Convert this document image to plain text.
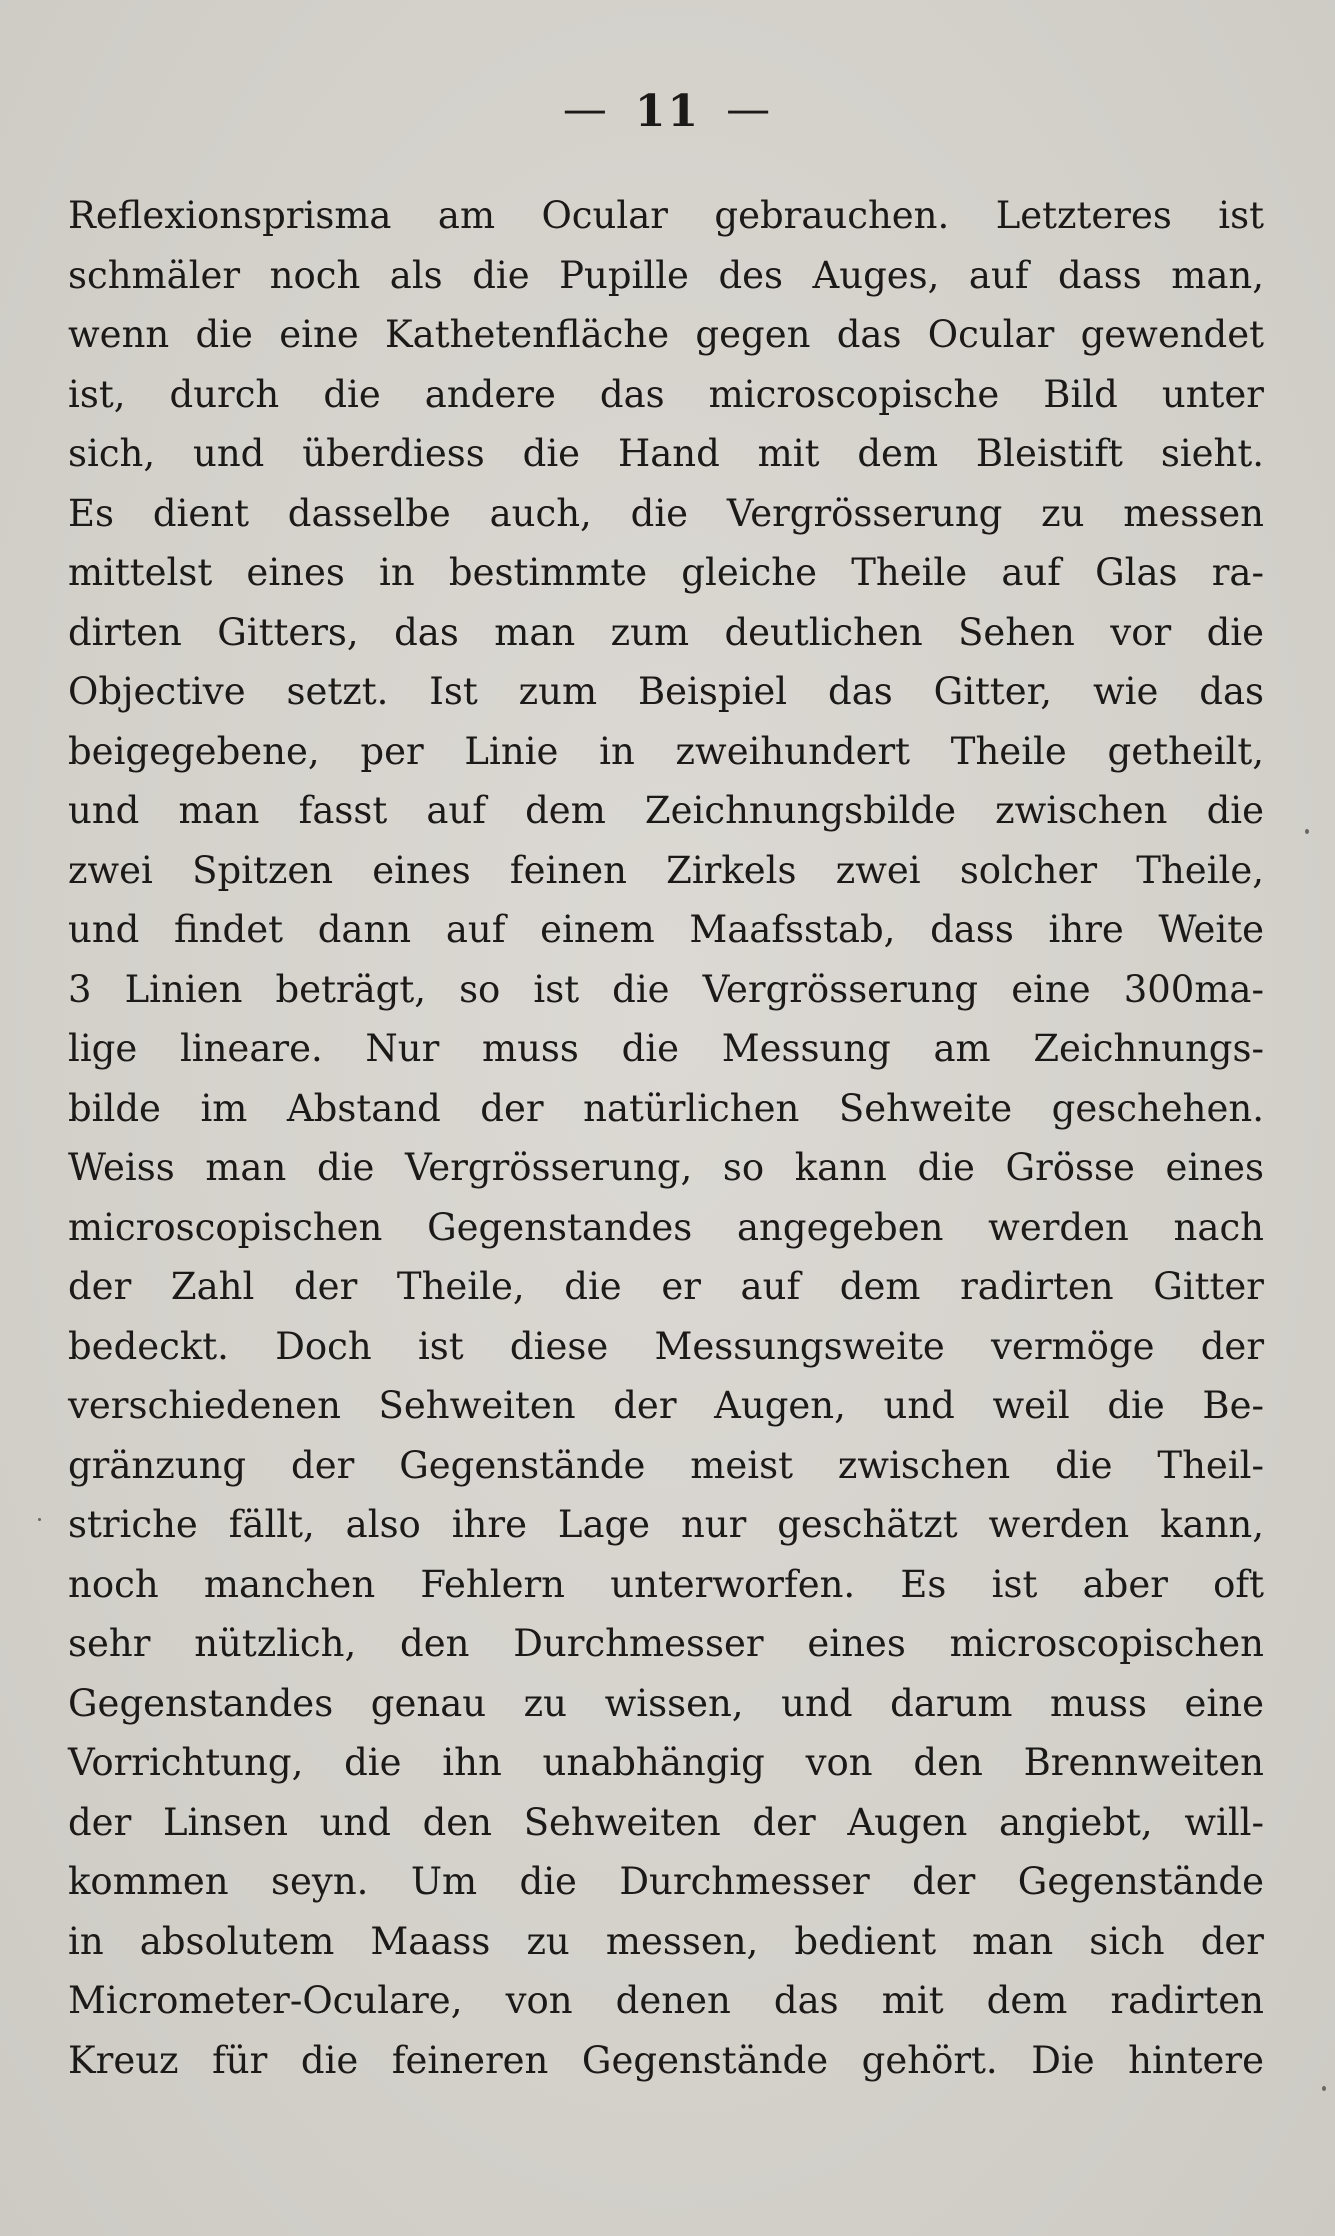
— 11 —
Reflexionsprisma am Ocular gebrauchen. Letzteres ist
schmäler noch als die Pupille des Auges, auf dass man,
wenn die eine Kathetenfläche gegen das Ocular gewendet
ist, durch die andere das microscopische Bild unter
sich, und überdiess die Hand mit dem Bleistift sieht.
Es dient dasselbe auch, die Vergrösserung zu messen
mittelst eines in bestimmte gleiche Theile auf Glas ra-
dirten Gitters, das man zum deutlichen Sehen vor die
Objective setzt. Ist zum Beispiel das Gitter, wie das
beigegebene, per Linie in zweihundert Theile getheilt,
und man fasst auf dem Zeichnungsbilde zwischen die
zwei Spitzen eines feinen Zirkels zwei solcher Theile,
und findet dann auf einem Maafsstab, dass ihre Weite
3 Linien beträgt, so ist die Vergrösserung eine 300ma-
lige lineare. Nur muss die Messung am Zeichnungs-
bilde im Abstand der natürlichen Sehweite geschehen.
Weiss man die Vergrösserung, so kann die Grösse eines
microscopischen Gegenstandes angegeben werden nach
der Zahl der Theile, die er auf dem radirten Gitter
bedeckt. Doch ist diese Messungsweite vermöge der
verschiedenen Sehweiten der Augen, und weil die Be-
gränzung der Gegenstände meist zwischen die Theil-
striche fällt, also ihre Lage nur geschätzt werden kann,
noch manchen Fehlern unterworfen. Es ist aber oft
sehr nützlich, den Durchmesser eines microscopischen
Gegenstandes genau zu wissen, und darum muss eine
Vorrichtung, die ihn unabhängig von den Brennweiten
der Linsen und den Sehweiten der Augen angiebt, will-
kommen seyn. Um die Durchmesser der Gegenstände
in absolutem Maass zu messen, bedient man sich der
Micrometer-Oculare, von denen das mit dem radirten
Kreuz für die feineren Gegenstände gehört. Die hintere
